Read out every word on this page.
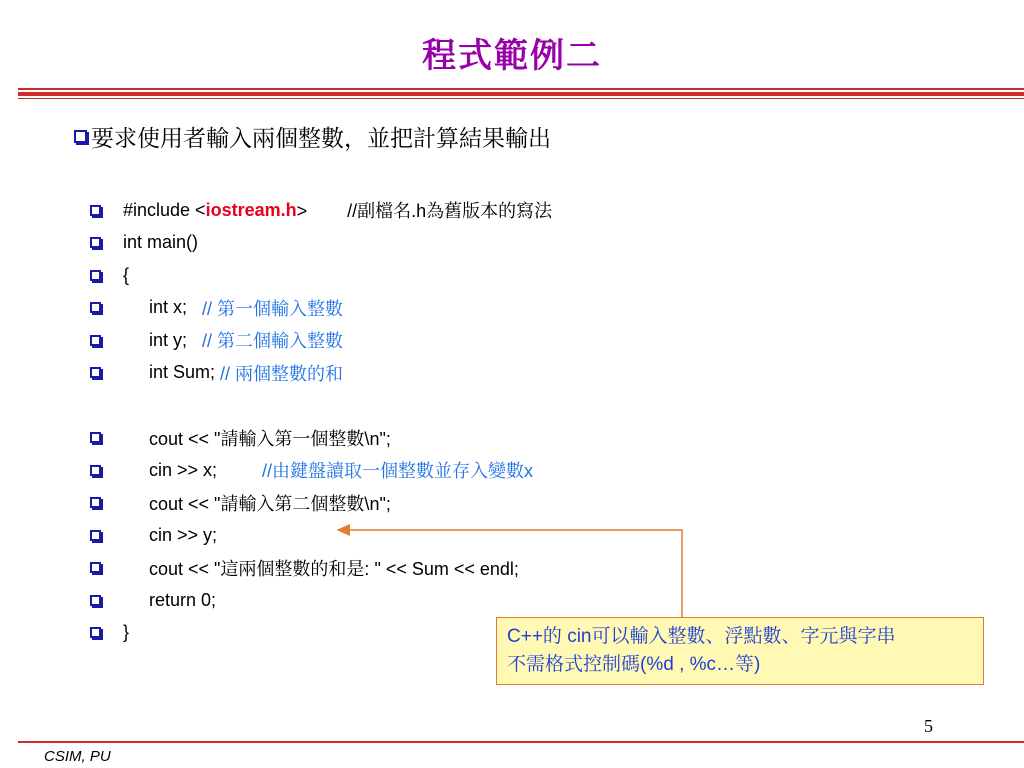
程式範例二
要求使用者輸入兩個整數，並把計算結果輸出
#include < iostream.h >        //副檔名.h為舊版本的寫法
int main()
{
int x; // 第一個輸入整數
int y; // 第二個輸入整數
int Sum; // 兩個整數的和
cout << "請輸入第一個整數\n";
cin >> x; //由鍵盤讀取一個整數並存入變數x
cout << "請輸入第二個整數\n";
cin >> y;
cout << "這兩個整數的和是: " << Sum << endl;
return 0;
}	C++的 cin可以輸入整數、浮點數、字元與字串
不需格式控制碼(%d , %c…等)
5
CSIM, PU
